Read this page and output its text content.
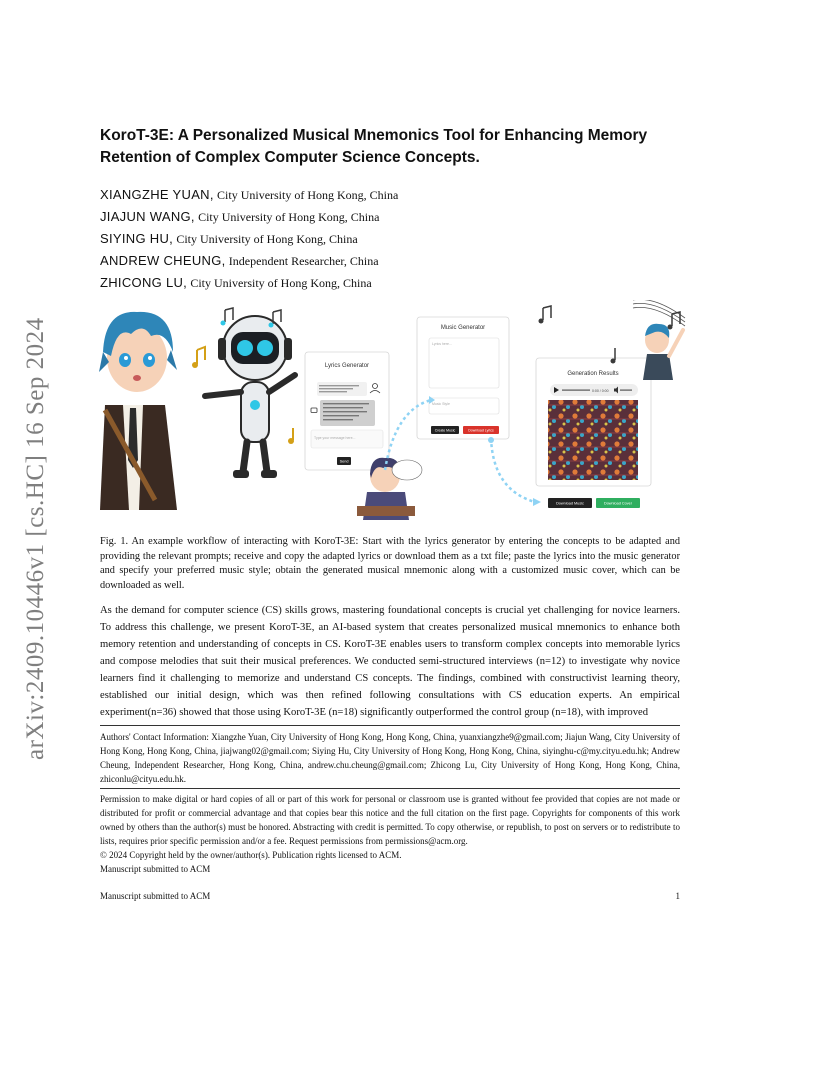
arXiv:2409.10446v1 [cs.HC] 16 Sep 2024
KoroT-3E: A Personalized Musical Mnemonics Tool for Enhancing Memory Retention of Complex Computer Science Concepts.
XIANGZHE YUAN, City University of Hong Kong, China
JIAJUN WANG, City University of Hong Kong, China
SIYING HU, City University of Hong Kong, China
ANDREW CHEUNG, Independent Researcher, China
ZHICONG LU, City University of Hong Kong, China
Lyrics Generator
Type your message here...
Send
Music Generator
Lyrics here...
Music Style
Create Music	Download Lyrics
Generation Results
0:00 / 0:00
Download Music	Download Cover
Fig. 1. An example workflow of interacting with KoroT-3E: Start with the lyrics generator by entering the concepts to be adapted and providing the relevant prompts; receive and copy the adapted lyrics or download them as a txt file; paste the lyrics into the music generator and specify your preferred music style; obtain the generated musical mnemonic along with a customized music cover, which can be downloaded as well.
As the demand for computer science (CS) skills grows, mastering foundational concepts is crucial yet challenging for novice learners. To address this challenge, we present KoroT-3E, an AI-based system that creates personalized musical mnemonics to enhance both memory retention and understanding of concepts in CS. KoroT-3E enables users to transform complex concepts into memorable lyrics and compose melodies that suit their musical preferences. We conducted semi-structured interviews (n=12) to investigate why novice learners find it challenging to memorize and understand CS concepts. The findings, combined with constructivist learning theory, established our initial design, which was then refined following consultations with CS education experts. An empirical experiment(n=36) showed that those using KoroT-3E (n=18) significantly outperformed the control group (n=18), with improved
Authors' Contact Information: Xiangzhe Yuan, City University of Hong Kong, Hong Kong, China, yuanxiangzhe9@gmail.com; Jiajun Wang, City University of Hong Kong, Hong Kong, China, jiajwang02@gmail.com; Siying Hu, City University of Hong Kong, Hong Kong, China, siyinghu-c@my.cityu.edu.hk; Andrew Cheung, Independent Researcher, Hong Kong, China, andrew.chu.cheung@gmail.com; Zhicong Lu, City University of Hong Kong, Hong Kong, China, zhiconlu@cityu.edu.hk.

Permission to make digital or hard copies of all or part of this work for personal or classroom use is granted without fee provided that copies are not made or distributed for profit or commercial advantage and that copies bear this notice and the full citation on the first page. Copyrights for components of this work owned by others than the author(s) must be honored. Abstracting with credit is permitted. To copy otherwise, or republish, to post on servers or to redistribute to lists, requires prior specific permission and/or a fee. Request permissions from permissions@acm.org.

© 2024 Copyright held by the owner/author(s). Publication rights licensed to ACM.

Manuscript submitted to ACM

Manuscript submitted to ACM	1
